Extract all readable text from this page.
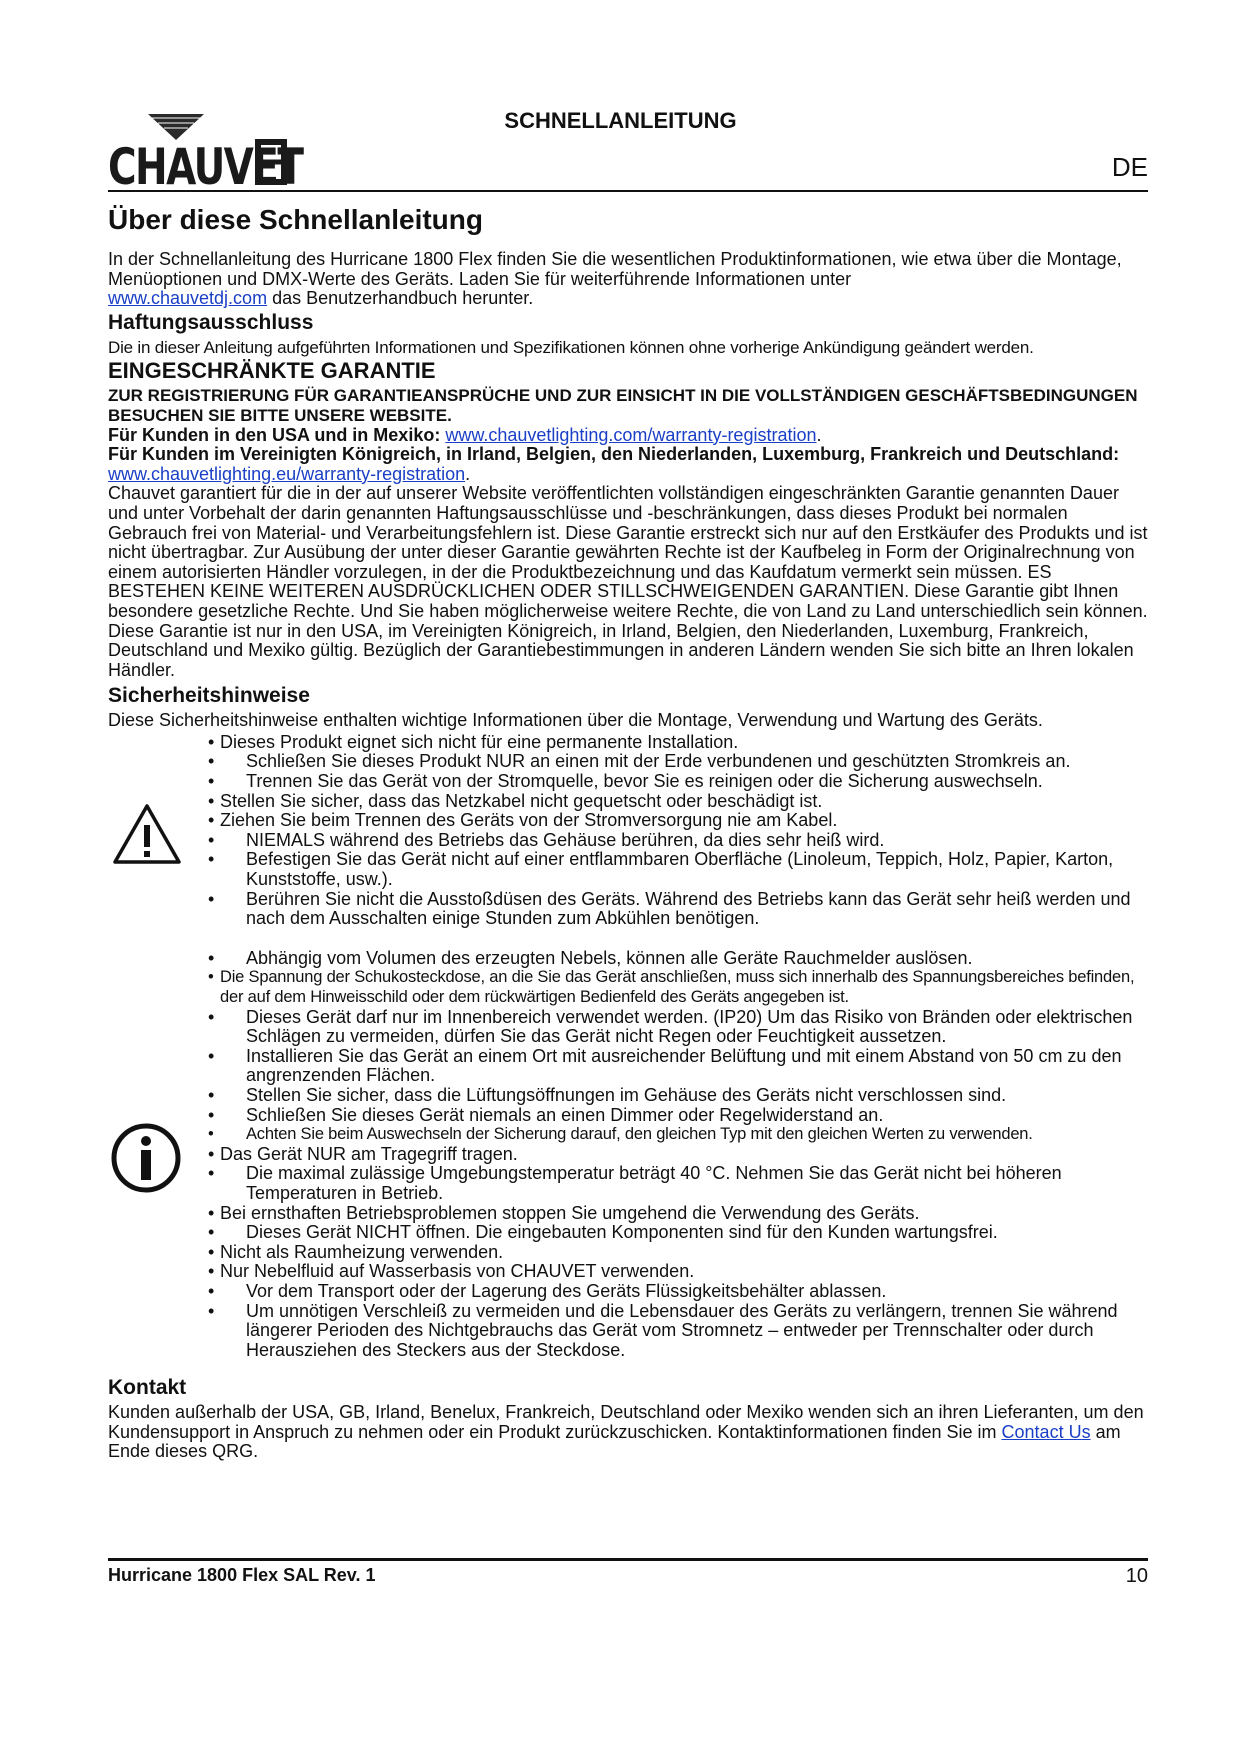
CHAUVET
SCHNELLANLEITUNG
DE
Über diese Schnellanleitung

In der Schnellanleitung des Hurricane 1800 Flex finden Sie die wesentlichen Produktinformationen, wie etwa über die Montage, Menüoptionen und DMX-Werte des Geräts. Laden Sie für weiterführende Informationen unter
www.chauvetdj.com das Benutzerhandbuch herunter.

Haftungsausschluss

Die in dieser Anleitung aufgeführten Informationen und Spezifikationen können ohne vorherige Ankündigung geändert werden.

EINGESCHRÄNKTE GARANTIE

ZUR REGISTRIERUNG FÜR GARANTIEANSPRÜCHE UND ZUR EINSICHT IN DIE VOLLSTÄNDIGEN GESCHÄFTSBEDINGUNGEN BESUCHEN SIE BITTE UNSERE WEBSITE.

Für Kunden in den USA und in Mexiko: www.chauvetlighting.com/warranty-registration.

Für Kunden im Vereinigten Königreich, in Irland, Belgien, den Niederlanden, Luxemburg, Frankreich und Deutschland: www.chauvetlighting.eu/warranty-registration.

Chauvet garantiert für die in der auf unserer Website veröffentlichten vollständigen eingeschränkten Garantie genannten Dauer und unter Vorbehalt der darin genannten Haftungsausschlüsse und -beschränkungen, dass dieses Produkt bei normalen Gebrauch frei von Material- und Verarbeitungsfehlern ist. Diese Garantie erstreckt sich nur auf den Erstkäufer des Produkts und ist nicht übertragbar. Zur Ausübung der unter dieser Garantie gewährten Rechte ist der Kaufbeleg in Form der Originalrechnung von einem autorisierten Händler vorzulegen, in der die Produktbezeichnung und das Kaufdatum vermerkt sein müssen. ES BESTEHEN KEINE WEITEREN AUSDRÜCKLICHEN ODER STILLSCHWEIGENDEN GARANTIEN. Diese Garantie gibt Ihnen besondere gesetzliche Rechte. Und Sie haben möglicherweise weitere Rechte, die von Land zu Land unterschiedlich sein können. Diese Garantie ist nur in den USA, im Vereinigten Königreich, in Irland, Belgien, den Niederlanden, Luxemburg, Frankreich, Deutschland und Mexiko gültig. Bezüglich der Garantiebestimmungen in anderen Ländern wenden Sie sich bitte an Ihren lokalen Händler.

Sicherheitshinweise

Diese Sicherheitshinweise enthalten wichtige Informationen über die Montage, Verwendung und Wartung des Geräts.

• Dieses Produkt eignet sich nicht für eine permanente Installation.
• Schließen Sie dieses Produkt NUR an einen mit der Erde verbundenen und geschützten Stromkreis an.
• Trennen Sie das Gerät von der Stromquelle, bevor Sie es reinigen oder die Sicherung auswechseln.
• Stellen Sie sicher, dass das Netzkabel nicht gequetscht oder beschädigt ist.
• Ziehen Sie beim Trennen des Geräts von der Stromversorgung nie am Kabel.
• NIEMALS während des Betriebs das Gehäuse berühren, da dies sehr heiß wird.
• Befestigen Sie das Gerät nicht auf einer entflammbaren Oberfläche (Linoleum, Teppich, Holz, Papier, Karton, Kunststoffe, usw.).
• Berühren Sie nicht die Ausstoßdüsen des Geräts. Während des Betriebs kann das Gerät sehr heiß werden und nach dem Ausschalten einige Stunden zum Abkühlen benötigen.
• Abhängig vom Volumen des erzeugten Nebels, können alle Geräte Rauchmelder auslösen.
• Die Spannung der Schukosteckdose, an die Sie das Gerät anschließen, muss sich innerhalb des Spannungsbereiches befinden, der auf dem Hinweisschild oder dem rückwärtigen Bedienfeld des Geräts angegeben ist.
• Dieses Gerät darf nur im Innenbereich verwendet werden. (IP20) Um das Risiko von Bränden oder elektrischen Schlägen zu vermeiden, dürfen Sie das Gerät nicht Regen oder Feuchtigkeit aussetzen.
• Installieren Sie das Gerät an einem Ort mit ausreichender Belüftung und mit einem Abstand von 50 cm zu den angrenzenden Flächen.
• Stellen Sie sicher, dass die Lüftungsöffnungen im Gehäuse des Geräts nicht verschlossen sind.
• Schließen Sie dieses Gerät niemals an einen Dimmer oder Regelwiderstand an.
• Achten Sie beim Auswechseln der Sicherung darauf, den gleichen Typ mit den gleichen Werten zu verwenden.
• Das Gerät NUR am Tragegriff tragen.
• Die maximal zulässige Umgebungstemperatur beträgt 40 °C. Nehmen Sie das Gerät nicht bei höheren Temperaturen in Betrieb.
• Bei ernsthaften Betriebsproblemen stoppen Sie umgehend die Verwendung des Geräts.
• Dieses Gerät NICHT öffnen. Die eingebauten Komponenten sind für den Kunden wartungsfrei.
• Nicht als Raumheizung verwenden.
• Nur Nebelfluid auf Wasserbasis von CHAUVET verwenden.
• Vor dem Transport oder der Lagerung des Geräts Flüssigkeitsbehälter ablassen.
• Um unnötigen Verschleiß zu vermeiden und die Lebensdauer des Geräts zu verlängern, trennen Sie während längerer Perioden des Nichtgebrauchs das Gerät vom Stromnetz – entweder per Trennschalter oder durch Herausziehen des Steckers aus der Steckdose.
Kontakt

Kunden außerhalb der USA, GB, Irland, Benelux, Frankreich, Deutschland oder Mexiko wenden sich an ihren Lieferanten, um den Kundensupport in Anspruch zu nehmen oder ein Produkt zurückzuschicken. Kontaktinformationen finden Sie im Contact Us am Ende dieses QRG.

Hurricane 1800 Flex SAL Rev. 1	10
